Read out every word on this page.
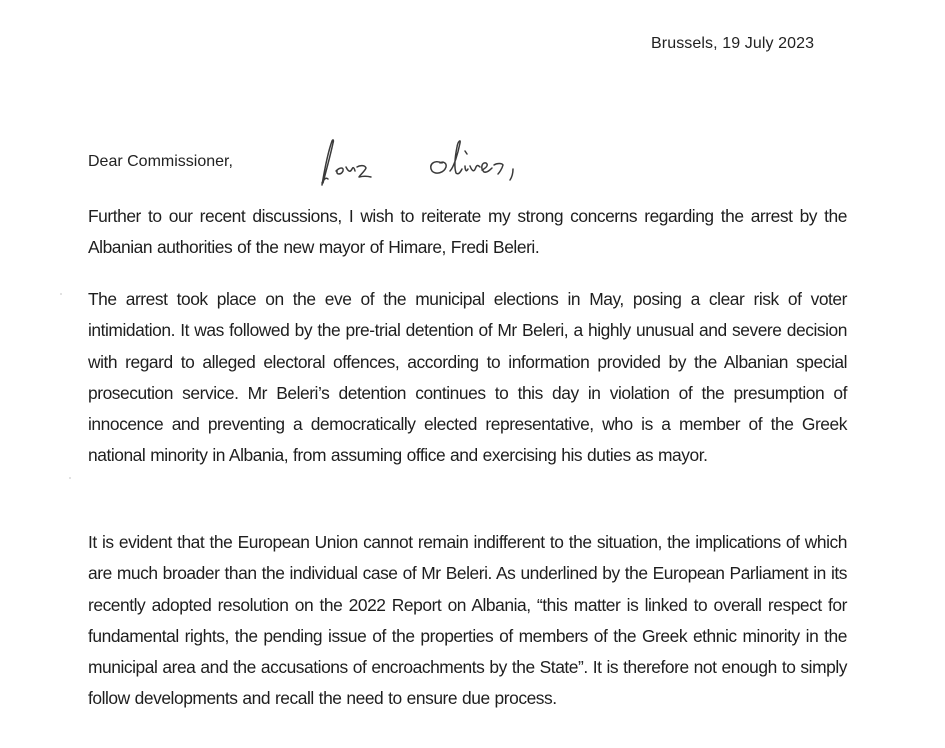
Brussels, 19 July 2023
Dear Commissioner,

Further to our recent discussions, I wish to reiterate my strong concerns regarding the arrest by the Albanian authorities of the new mayor of Himare, Fredi Beleri.

The arrest took place on the eve of the municipal elections in May, posing a clear risk of voter intimidation. It was followed by the pre-trial detention of Mr Beleri, a highly unusual and severe decision with regard to alleged electoral offences, according to information provided by the Albanian special prosecution service. Mr Beleri’s detention continues to this day in violation of the presumption of innocence and preventing a democratically elected representative, who is a member of the Greek national minority in Albania, from assuming office and exercising his duties as mayor.

It is evident that the European Union cannot remain indifferent to the situation, the implications of which are much broader than the individual case of Mr Beleri. As underlined by the European Parliament in its recently adopted resolution on the 2022 Report on Albania, “this matter is linked to overall respect for fundamental rights, the pending issue of the properties of members of the Greek ethnic minority in the municipal area and the accusations of encroachments by the State”. It is therefore not enough to simply follow developments and recall the need to ensure due process.
